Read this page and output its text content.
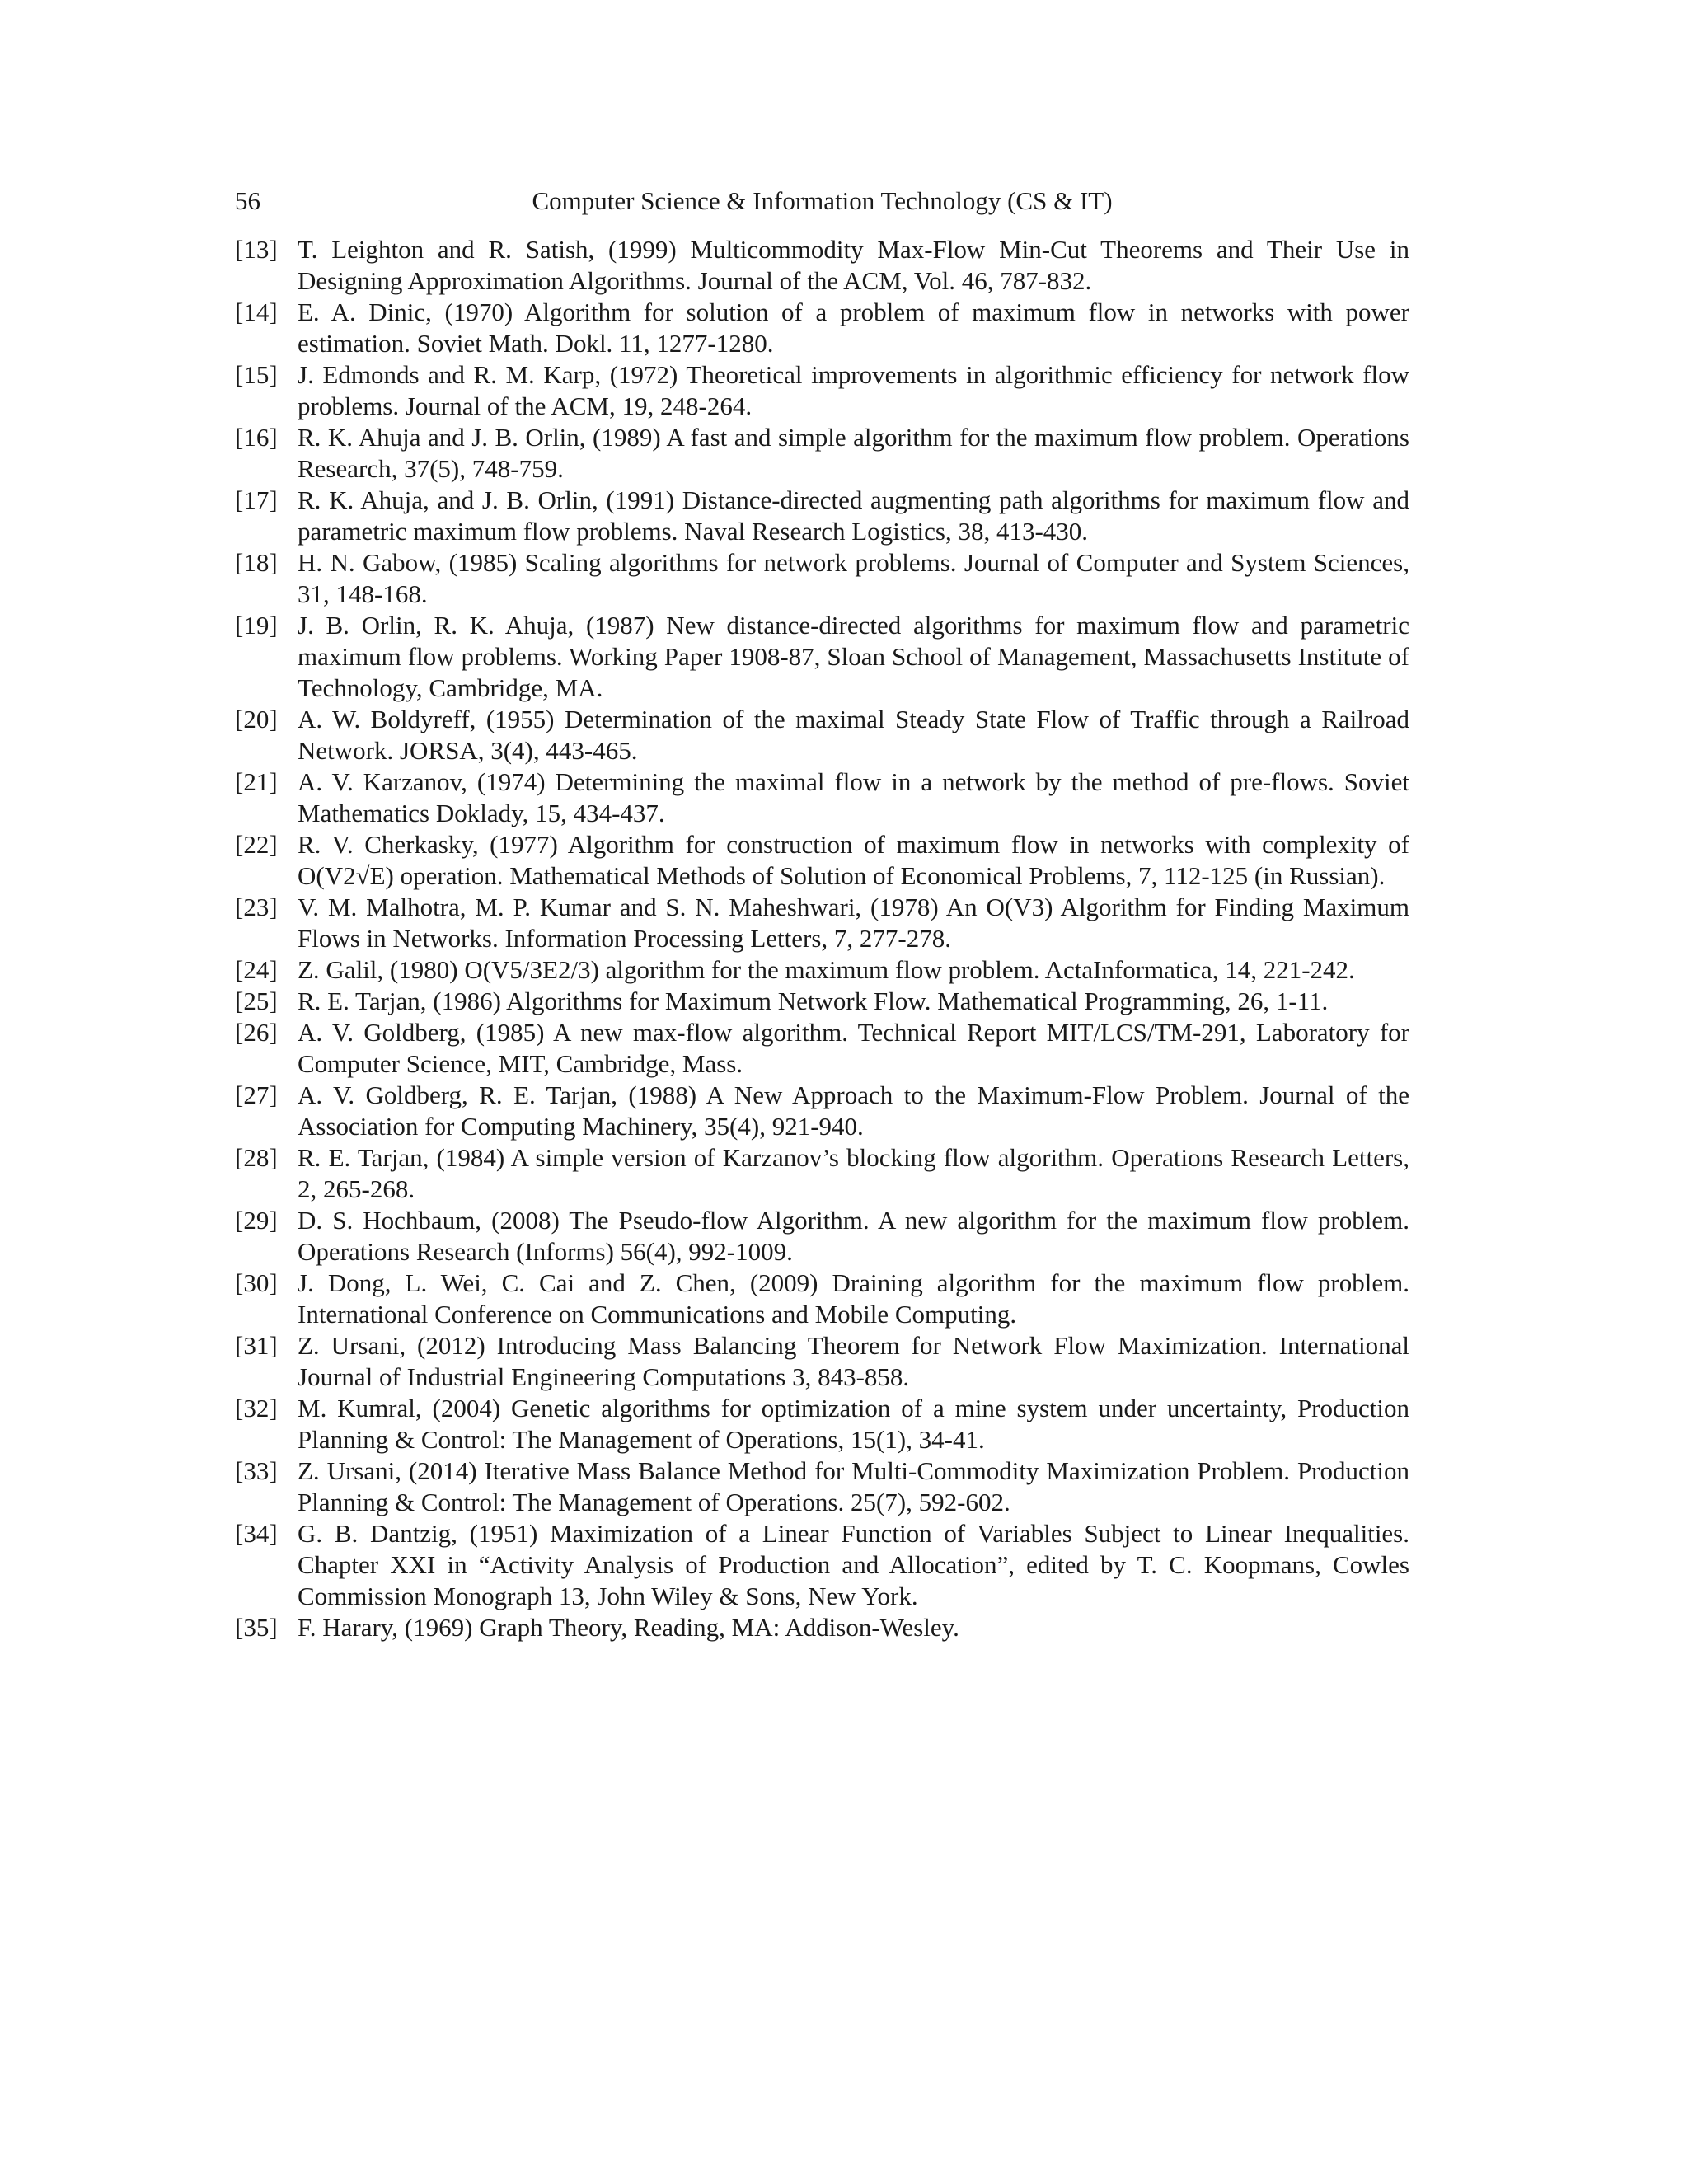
56	Computer Science & Information Technology (CS & IT)
[13] T. Leighton and R. Satish, (1999) Multicommodity Max-Flow Min-Cut Theorems and Their Use in Designing Approximation Algorithms. Journal of the ACM, Vol. 46, 787-832.
[14] E. A. Dinic, (1970) Algorithm for solution of a problem of maximum flow in networks with power estimation. Soviet Math. Dokl. 11, 1277-1280.
[15] J. Edmonds and R. M. Karp, (1972) Theoretical improvements in algorithmic efficiency for network flow problems. Journal of the ACM, 19, 248-264.
[16] R. K. Ahuja and J. B. Orlin, (1989) A fast and simple algorithm for the maximum flow problem. Operations Research, 37(5), 748-759.
[17] R. K. Ahuja, and J. B. Orlin, (1991) Distance-directed augmenting path algorithms for maximum flow and parametric maximum flow problems. Naval Research Logistics, 38, 413-430.
[18] H. N. Gabow, (1985) Scaling algorithms for network problems. Journal of Computer and System Sciences, 31, 148-168.
[19] J. B. Orlin, R. K. Ahuja, (1987) New distance-directed algorithms for maximum flow and parametric maximum flow problems. Working Paper 1908-87, Sloan School of Management, Massachusetts Institute of Technology, Cambridge, MA.
[20] A. W. Boldyreff, (1955) Determination of the maximal Steady State Flow of Traffic through a Railroad Network. JORSA, 3(4), 443-465.
[21] A. V. Karzanov, (1974) Determining the maximal flow in a network by the method of pre-flows. Soviet Mathematics Doklady, 15, 434-437.
[22] R. V. Cherkasky, (1977) Algorithm for construction of maximum flow in networks with complexity of O(V2√E) operation. Mathematical Methods of Solution of Economical Problems, 7, 112-125 (in Russian).
[23] V. M. Malhotra, M. P. Kumar and S. N. Maheshwari, (1978) An O(V3) Algorithm for Finding Maximum Flows in Networks. Information Processing Letters, 7, 277-278.
[24] Z. Galil, (1980) O(V5/3E2/3) algorithm for the maximum flow problem. ActaInformatica, 14, 221-242.
[25] R. E. Tarjan, (1986) Algorithms for Maximum Network Flow. Mathematical Programming, 26, 1-11.
[26] A. V. Goldberg, (1985) A new max-flow algorithm. Technical Report MIT/LCS/TM-291, Laboratory for Computer Science, MIT, Cambridge, Mass.
[27] A. V. Goldberg, R. E. Tarjan, (1988) A New Approach to the Maximum-Flow Problem. Journal of the Association for Computing Machinery, 35(4), 921-940.
[28] R. E. Tarjan, (1984) A simple version of Karzanov’s blocking flow algorithm. Operations Research Letters, 2, 265-268.
[29] D. S. Hochbaum, (2008) The Pseudo-flow Algorithm. A new algorithm for the maximum flow problem. Operations Research (Informs) 56(4), 992-1009.
[30] J. Dong, L. Wei, C. Cai and Z. Chen, (2009) Draining algorithm for the maximum flow problem. International Conference on Communications and Mobile Computing.
[31] Z. Ursani, (2012) Introducing Mass Balancing Theorem for Network Flow Maximization. International Journal of Industrial Engineering Computations 3, 843-858.
[32] M. Kumral, (2004) Genetic algorithms for optimization of a mine system under uncertainty, Production Planning & Control: The Management of Operations, 15(1), 34-41.
[33] Z. Ursani, (2014) Iterative Mass Balance Method for Multi-Commodity Maximization Problem. Production Planning & Control: The Management of Operations. 25(7), 592-602.
[34] G. B. Dantzig, (1951) Maximization of a Linear Function of Variables Subject to Linear Inequalities. Chapter XXI in “Activity Analysis of Production and Allocation”, edited by T. C. Koopmans, Cowles Commission Monograph 13, John Wiley & Sons, New York.
[35] F. Harary, (1969) Graph Theory, Reading, MA: Addison-Wesley.
